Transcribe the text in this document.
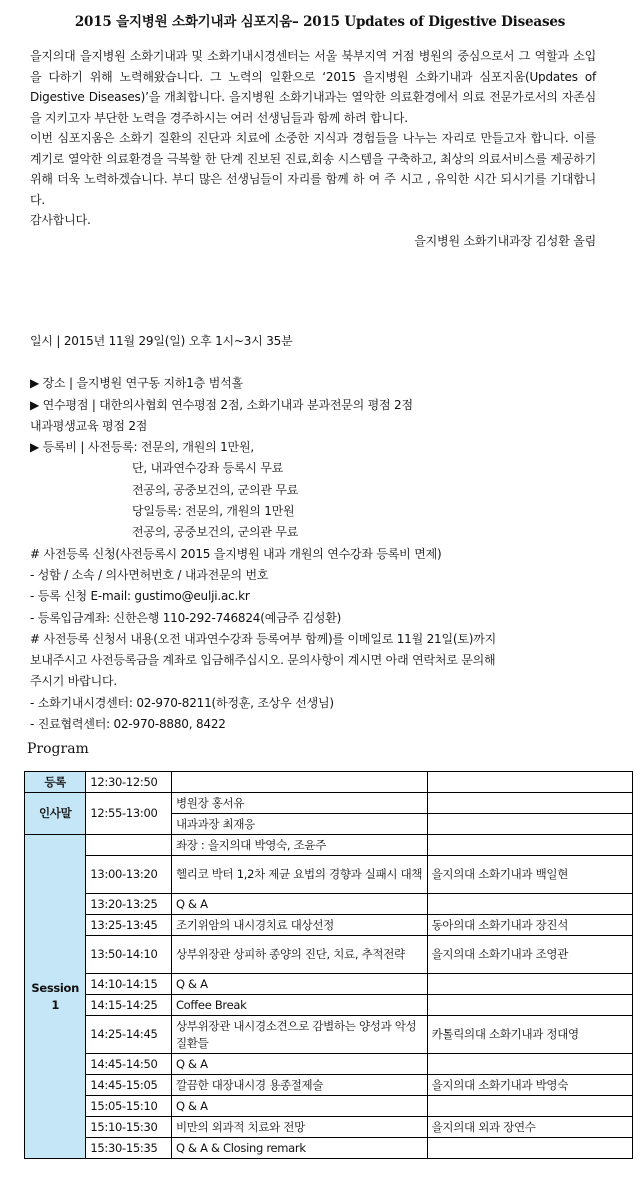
2015 을지병원 소화기내과 심포지움– 2015 Updates of Digestive Diseases

을지의대 을지병원 소화기내과 및 소화기내시경센터는 서울 북부지역 거점 병원의 중심으로서 그 역할과 소입을 다하기 위해 노력해왔습니다. 그 노력의 일환으로 ‘2015 을지병원 소화기내과 심포지움(Updates of Digestive Diseases)’을 개최합니다. 을지병원 소화기내과는 열악한 의료환경에서 의료 전문가로서의 자존심을 지키고자 부단한 노력을 경주하시는 여러 선생님들과 함께 하려 합니다.

이번 심포지움은 소화기 질환의 진단과 치료에 소중한 지식과 경험들을 나누는 자리로 만들고자 합니다. 이를 계기로 열악한 의료환경을 극복할 한 단계 진보된 진료,회송 시스템을 구축하고, 최상의 의료서비스를 제공하기 위해 더욱 노력하겠습니다. 부디 많은 선생님들이 자리를 함께 하 여 주 시고 , 유익한 시간 되시기를 기대합니다.

감사합니다.

을지병원 소화기내과장 김성환 올림

일시 | 2015년 11월 29일(일) 오후 1시~3시 35분
▶ 장소 | 을지병원 연구동 지하1층 범석홀
▶ 연수평점 | 대한의사협회 연수평점 2점, 소화기내과 분과전문의 평점 2점
내과평생교육 평점 2점
▶ 등록비 | 사전등록: 전문의, 개원의 1만원,
단, 내과연수강좌 등록시 무료
전공의, 공중보건의, 군의관 무료
당일등록: 전문의, 개원의 1만원
전공의, 공중보건의, 군의관 무료
# 사전등록 신청(사전등록시 2015 을지병원 내과 개원의 연수강좌 등록비 면제)
- 성함 / 소속 / 의사면허번호 / 내과전문의 번호
- 등록 신청 E-mail: gustimo@eulji.ac.kr
- 등록입금계좌: 신한은행 110-292-746824(예금주 김성환)
# 사전등록 신청서 내용(오전 내과연수강좌 등록여부 함께)를 이메일로 11월 21일(토)까지
보내주시고 사전등록금을 계좌로 입금해주십시오. 문의사항이 계시면 아래 연락처로 문의해
주시기 바랍니다.
- 소화기내시경센터: 02-970-8211(하정훈, 조상우 선생님)
- 진료협력센터: 02-970-8880, 8422
Program
등록	12:30-12:50		
인사말	12:55-13:00	병원장 홍서유	
		내과과장 최재응	
Session
1		좌장 : 을지의대 박영숙, 조윤주	
	13:00-13:20	헬리코 박터 1,2차 제균 요법의 경향과 실패시 대책	을지의대 소화기내과 백일현
	13:20-13:25	Q & A	
	13:25-13:45	조기위암의 내시경치료 대상선정	동아의대 소화기내과 장진석
	13:50-14:10	상부위장관 상피하 종양의 진단, 치료, 추적전략	을지의대 소화기내과 조영관
	14:10-14:15	Q & A	
	14:15-14:25	Coffee Break	
	14:25-14:45	상부위장관 내시경소견으로 감별하는 양성과 악성질환들	카톨릭의대 소화기내과 정대영
	14:45-14:50	Q & A	
	14:45-15:05	깔끔한 대장내시경 용종절제술	을지의대 소화기내과 박영숙
	15:05-15:10	Q & A	
	15:10-15:30	비만의 외과적 치료와 전망	을지의대 외과 장연수
	15:30-15:35	Q & A & Closing remark	
